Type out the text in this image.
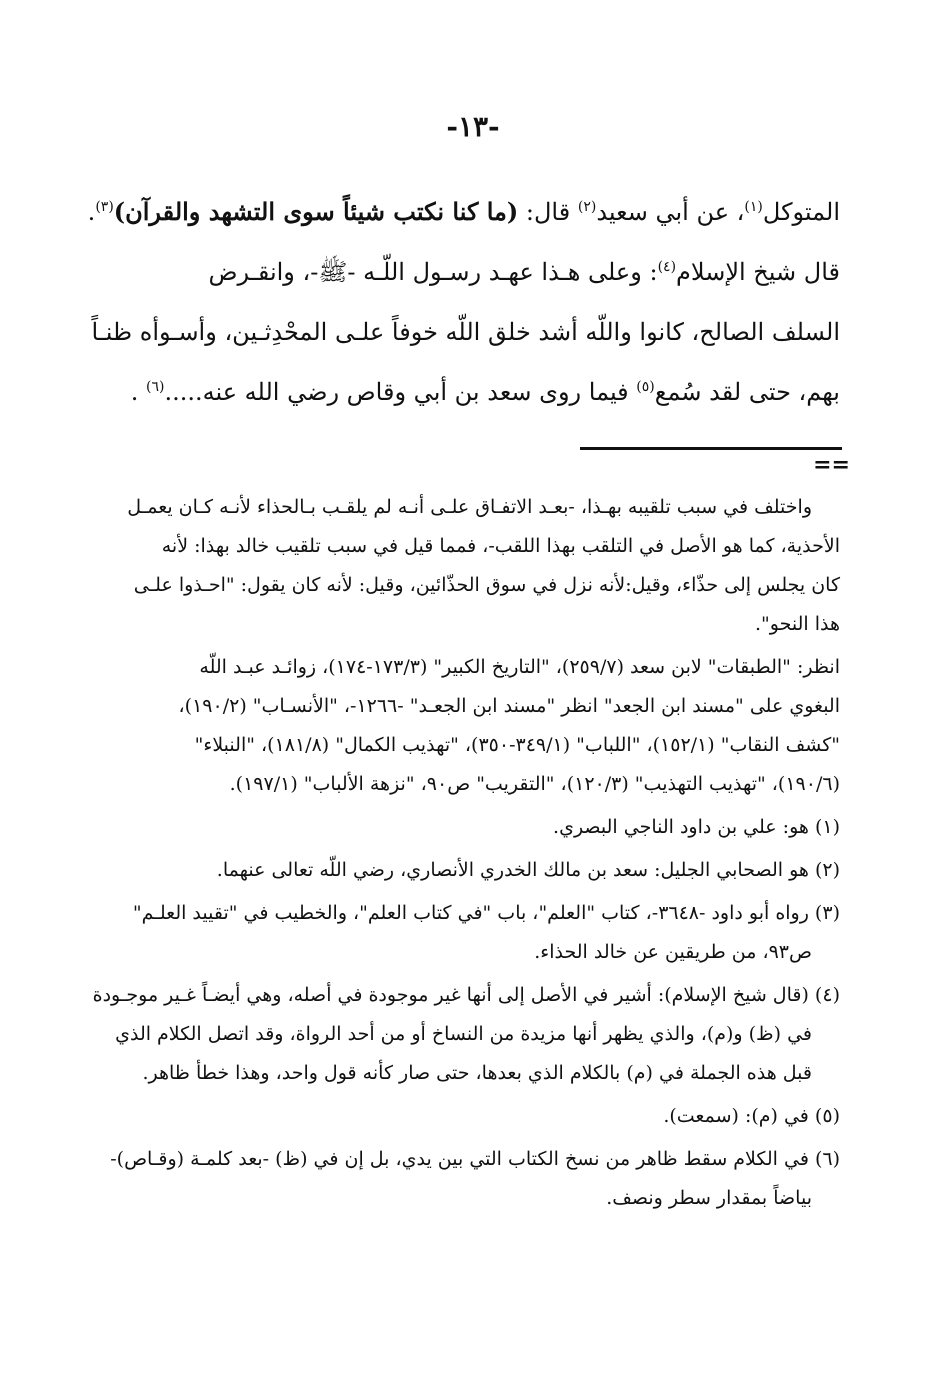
-١٣-
المتوكل$^{(١)}$، عن أبي سعيد$^{(٢)}$ قال: (ما كنا نكتب شيئاً سوى التشهد والقرآن)$^{(٣)}$.
قال شيخ الإسلام$^{(٤)}$: وعلى هـذا عهـد رسـول اللّـه -ﷺ-، وانقـرض
السلف الصالح، كانوا واللّه أشد خلق اللّه خوفاً علـى المحْدِثـين، وأسـوأه ظنـاً
بهم، حتى لقد سُمع$^{(٥)}$ فيما روى سعد بن أبي وقاص رضي الله عنه.....$^{(٦)}$ .
==
واختلف في سبب تلقيبه بهـذا، -بعـد الاتفـاق علـى أنـه لم يلقـب بـالحذاء لأنـه كـان يعمـل
الأحذية، كما هو الأصل في التلقب بهذا اللقب-، فمما قيل في سبب تلقيب خالد بهذا: لأنه
كان يجلس إلى حذّاء، وقيل:لأنه نزل في سوق الحذّائين، وقيل: لأنه كان يقول: "احـذوا علـى
هذا النحو".
انظر: "الطبقات" لابن سعد (٢٥٩/٧)، "التاريخ الكبير" (١٧٣/٣-١٧٤)، زوائـد عبـد اللّه
البغوي على "مسند ابن الجعد" انظر "مسند ابن الجعـد" -١٢٦٦-، "الأنسـاب" (١٩٠/٢)،
"كشف النقاب" (١٥٢/١)، "اللباب" (٣٤٩/١-٣٥٠)، "تهذيب الكمال" (١٨١/٨)، "النبلاء"
(١٩٠/٦)، "تهذيب التهذيب" (١٢٠/٣)، "التقريب" ص٩٠، "نزهة الألباب" (١٩٧/١).
(١) هو: علي بن داود الناجي البصري.
(٢) هو الصحابي الجليل: سعد بن مالك الخدري الأنصاري، رضي اللّه تعالى عنهما.
(٣) رواه أبو داود -٣٦٤٨-، كتاب "العلم"، باب "في كتاب العلم"، والخطيب في "تقييد العلـم"
ص٩٣، من طريقين عن خالد الحذاء.
(٤) (قال شيخ الإسلام): أشير في الأصل إلى أنها غير موجودة في أصله، وهي أيضـاً غـير موجـودة
في (ظ) و(م)، والذي يظهر أنها مزيدة من النساخ أو من أحد الرواة، وقد اتصل الكلام الذي
قبل هذه الجملة في (م) بالكلام الذي بعدها، حتى صار كأنه قول واحد، وهذا خطأ ظاهر.
(٥) في (م): (سمعت).
(٦) في الكلام سقط ظاهر من نسخ الكتاب التي بين يدي، بل إن في (ظ) -بعد كلمـة (وقـاص)-
بياضاً بمقدار سطر ونصف.
